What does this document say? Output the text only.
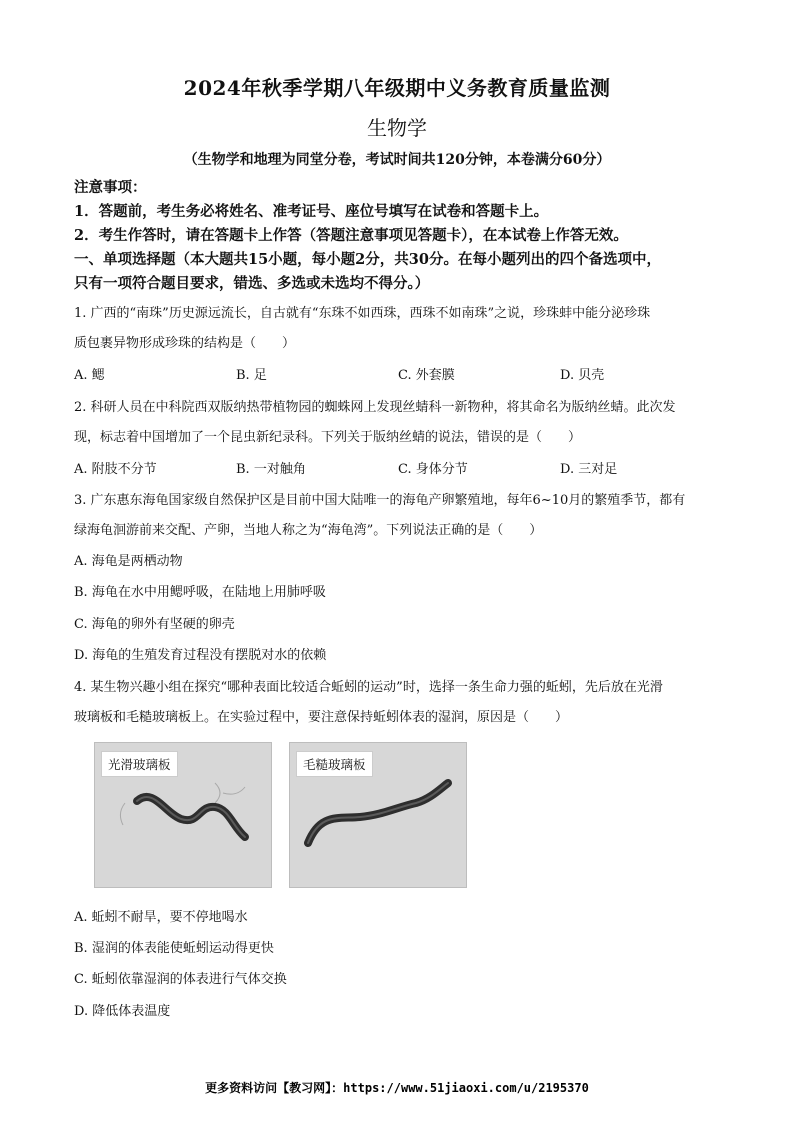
2024年秋季学期八年级期中义务教育质量监测
生物学
（生物学和地理为同堂分卷，考试时间共120分钟，本卷满分60分）
注意事项：
1．答题前，考生务必将姓名、准考证号、座位号填写在试卷和答题卡上。
2．考生作答时，请在答题卡上作答（答题注意事项见答题卡），在本试卷上作答无效。
一、单项选择题（本大题共15小题，每小题2分，共30分。在每小题列出的四个备选项中，
只有一项符合题目要求，错选、多选或未选均不得分。）
1. 广西的“南珠”历史源远流长，自古就有“东珠不如西珠，西珠不如南珠”之说，珍珠蚌中能分泌珍珠
质包裹异物形成珍珠的结构是（　　）
A. 鳃	B. 足	C. 外套膜	D. 贝壳
2. 科研人员在中科院西双版纳热带植物园的蜘蛛网上发现丝蜻科一新物种，将其命名为版纳丝蜻。此次发
现，标志着中国增加了一个昆虫新纪录科。下列关于版纳丝蜻的说法，错误的是（　　）
A. 附肢不分节	B. 一对触角	C. 身体分节	D. 三对足
3. 广东惠东海龟国家级自然保护区是目前中国大陆唯一的海龟产卵繁殖地，每年6~10月的繁殖季节，都有
绿海龟洄游前来交配、产卵，当地人称之为“海龟湾”。下列说法正确的是（　　）
A. 海龟是两栖动物
B. 海龟在水中用鳃呼吸，在陆地上用肺呼吸
C. 海龟的卵外有坚硬的卵壳
D. 海龟的生殖发育过程没有摆脱对水的依赖
4. 某生物兴趣小组在探究“哪种表面比较适合蚯蚓的运动”时，选择一条生命力强的蚯蚓，先后放在光滑
玻璃板和毛糙玻璃板上。在实验过程中，要注意保持蚯蚓体表的湿润，原因是（　　）
光滑玻璃板	毛糙玻璃板
A. 蚯蚓不耐旱，要不停地喝水
B. 湿润的体表能使蚯蚓运动得更快
C. 蚯蚓依靠湿润的体表进行气体交换
D. 降低体表温度
更多资料访问【教习网】：https://www.51jiaoxi.com/u/2195370
